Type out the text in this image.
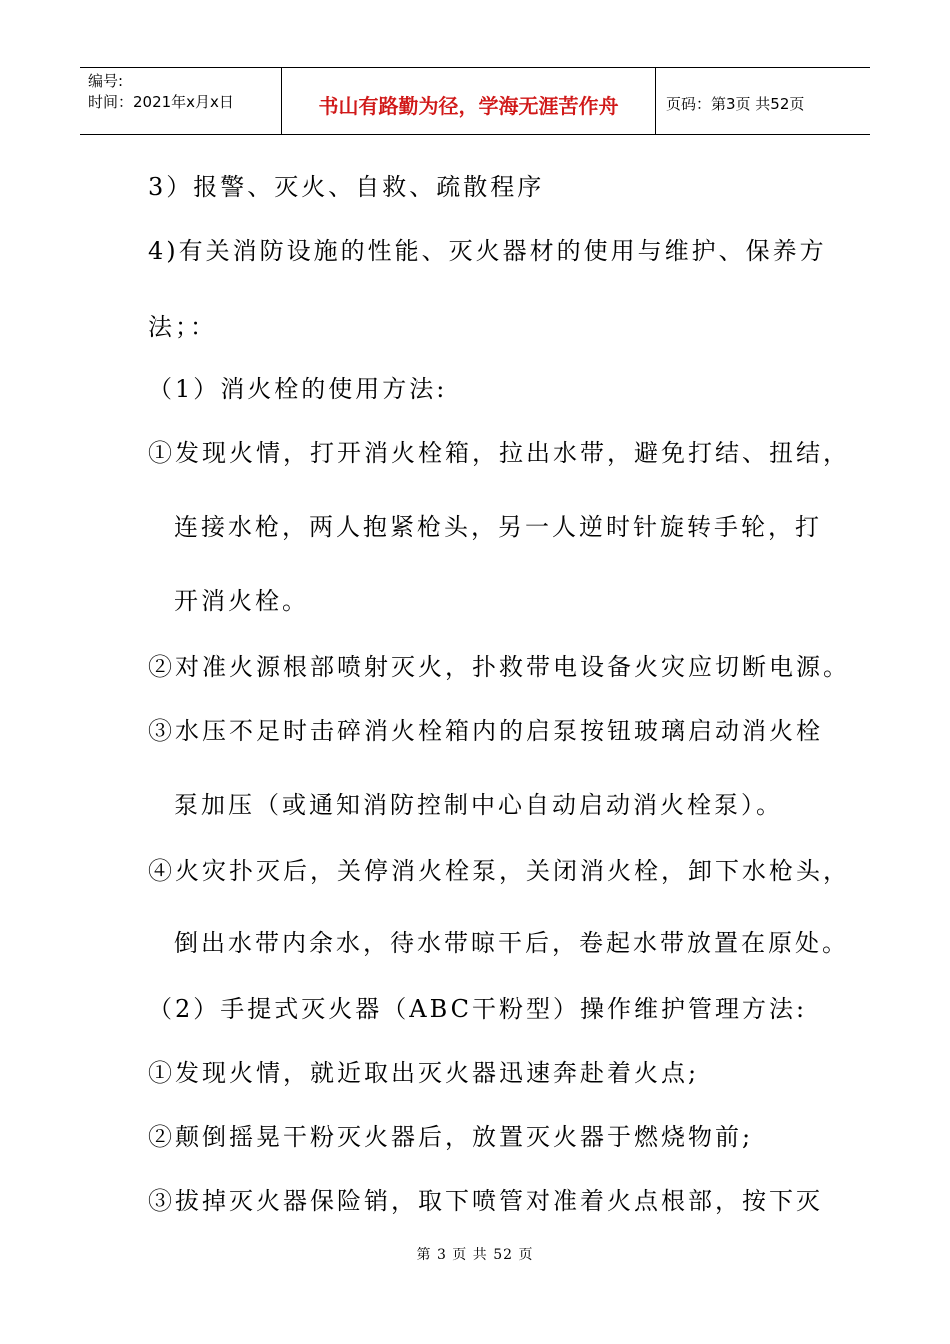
编号:
时间：2021年x月x日	书山有路勤为径，学海无涯苦作舟	页码：第3页 共52页
3）报警、灭火、自救、疏散程序
4)有关消防设施的性能、灭火器材的使用与维护、保养方
法；：
（1）消火栓的使用方法:
①发现火情，打开消火栓箱，拉出水带，避免打结、扭结，
连接水枪，两人抱紧枪头，另一人逆时针旋转手轮，打
开消火栓。
②对准火源根部喷射灭火，扑救带电设备火灾应切断电源。
③水压不足时击碎消火栓箱内的启泵按钮玻璃启动消火栓
泵加压（或通知消防控制中心自动启动消火栓泵）。
④火灾扑灭后，关停消火栓泵，关闭消火栓，卸下水枪头，
倒出水带内余水，待水带晾干后，卷起水带放置在原处。
（2）手提式灭火器（ABC干粉型）操作维护管理方法:
①发现火情，就近取出灭火器迅速奔赴着火点;
②颠倒摇晃干粉灭火器后，放置灭火器于燃烧物前;
③拔掉灭火器保险销，取下喷管对准着火点根部，按下灭
第 3 页 共 52 页
